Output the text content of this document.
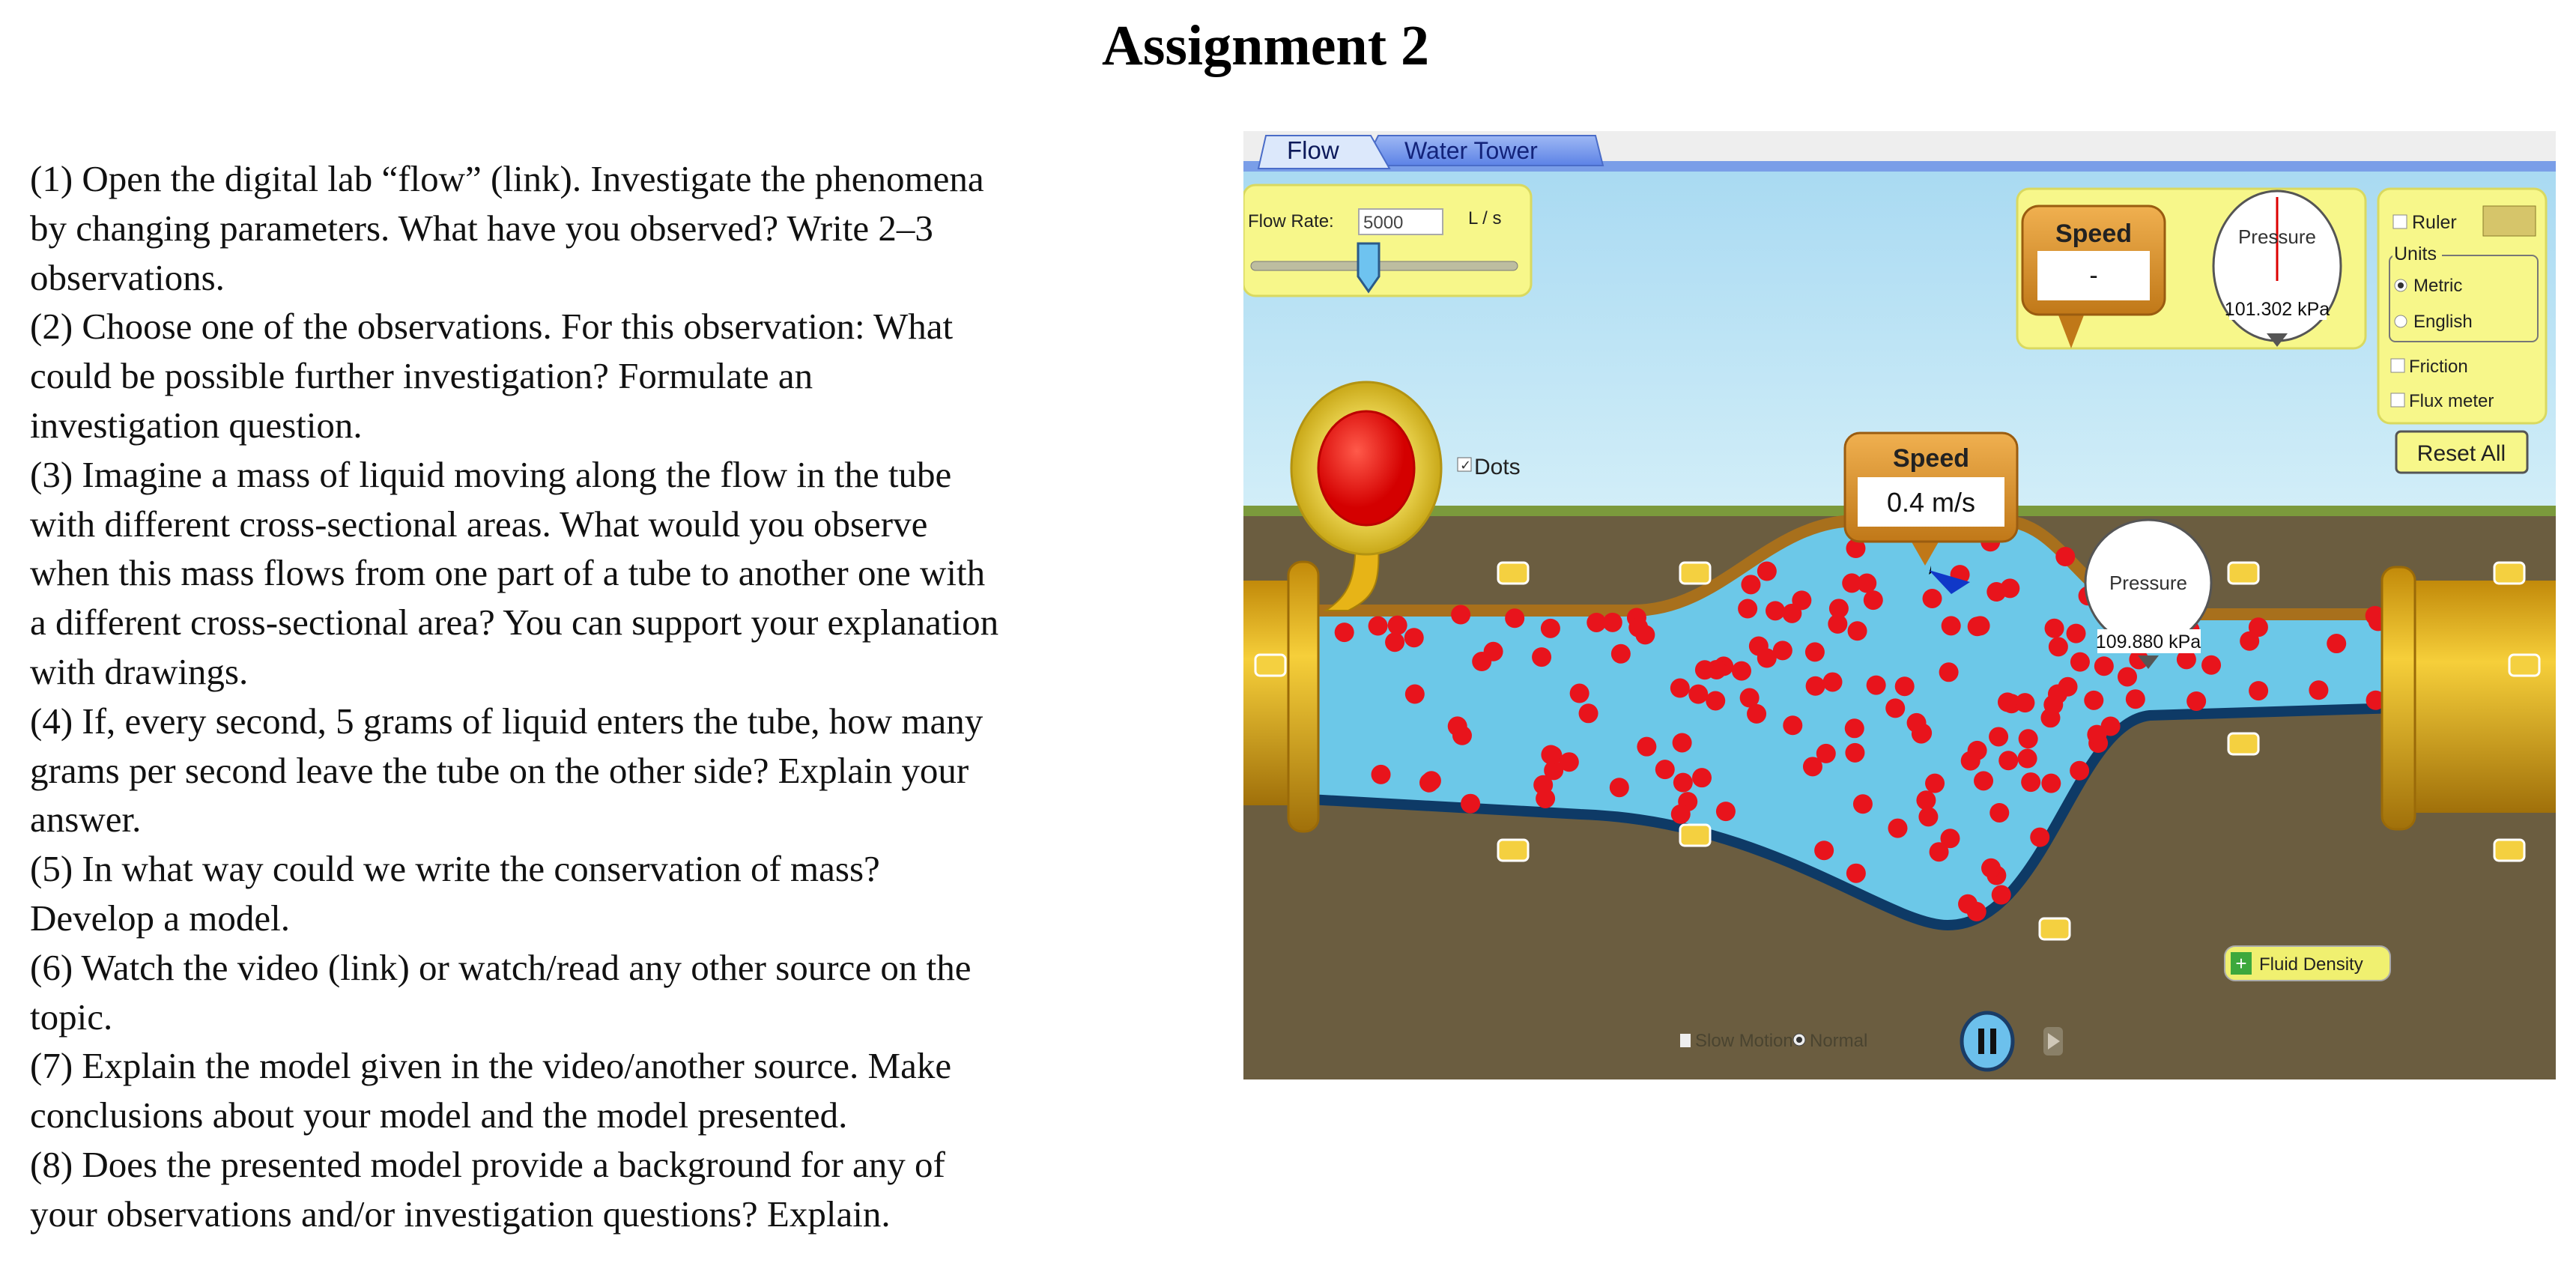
Assignment 2
(1) Open the digital lab “flow” (link). Investigate the phenomena
by changing parameters. What have you observed? Write 2–3
observations.
(2) Choose one of the observations. For this observation: What
could be possible further investigation? Formulate an
investigation question.
(3) Imagine a mass of liquid moving along the flow in the tube
with different cross-sectional areas. What would you observe
when this mass flows from one part of a tube to another one with
a different cross-sectional area? You can support your explanation
with drawings.
(4) If, every second, 5 grams of liquid enters the tube, how many
grams per second leave the tube on the other side? Explain your
answer.
(5) In what way could we write the conservation of mass?
Develop a model.
(6) Watch the video (link) or watch/read any other source on the
topic.
(7) Explain the model given in the video/another source. Make
conclusions about your model and the model presented.
(8) Does the presented model provide a background for any of
your observations and/or investigation questions? Explain.
Water Tower
Flow
Flow Rate: 5000	L / s
Speed
-
Pressure
101.302 kPa
Ruler
Units
Metric
English
Friction
Flux meter
Reset All
✓ Dots	Speed
0.4 m/s
Pressure
109.880 kPa
+ Fluid Density
Slow Motion Normal
